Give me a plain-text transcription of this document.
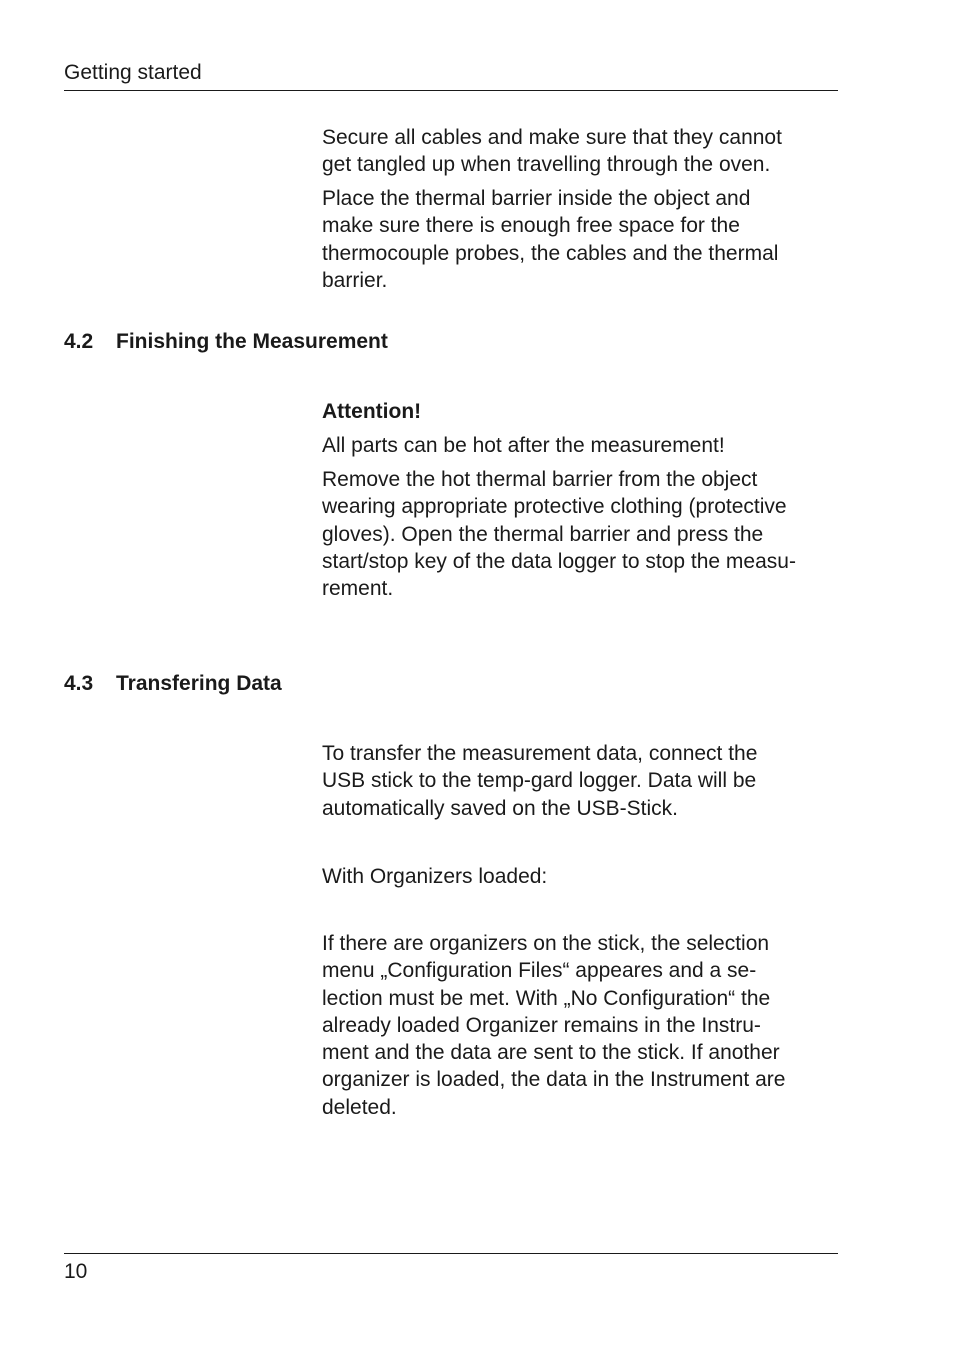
Getting started
Secure all cables and make sure that they cannot
get tangled up when travelling through the oven.
Place the thermal barrier inside the object and
make sure there is enough free space for the
thermocouple probes, the cables and the thermal
barrier.
4.2 Finishing the Measurement
Attention!
All parts can be hot after the measurement!
Remove the hot thermal barrier from the object
wearing appropriate protective clothing (protective
gloves). Open the thermal barrier and press the
start/stop key of the data logger to stop the measu-
rement.
4.3 Transfering Data
To transfer the measurement data, connect the
USB stick to the temp-gard logger. Data will be
automatically saved on the USB-Stick.
With Organizers loaded:
If there are organizers on the stick, the selection
menu „Configuration Files“ appeares and a se-
lection must be met. With „No Configuration“ the
already loaded Organizer remains in the Instru-
ment and the data are sent to the stick. If another
organizer is loaded, the data in the Instrument are
deleted.
10
